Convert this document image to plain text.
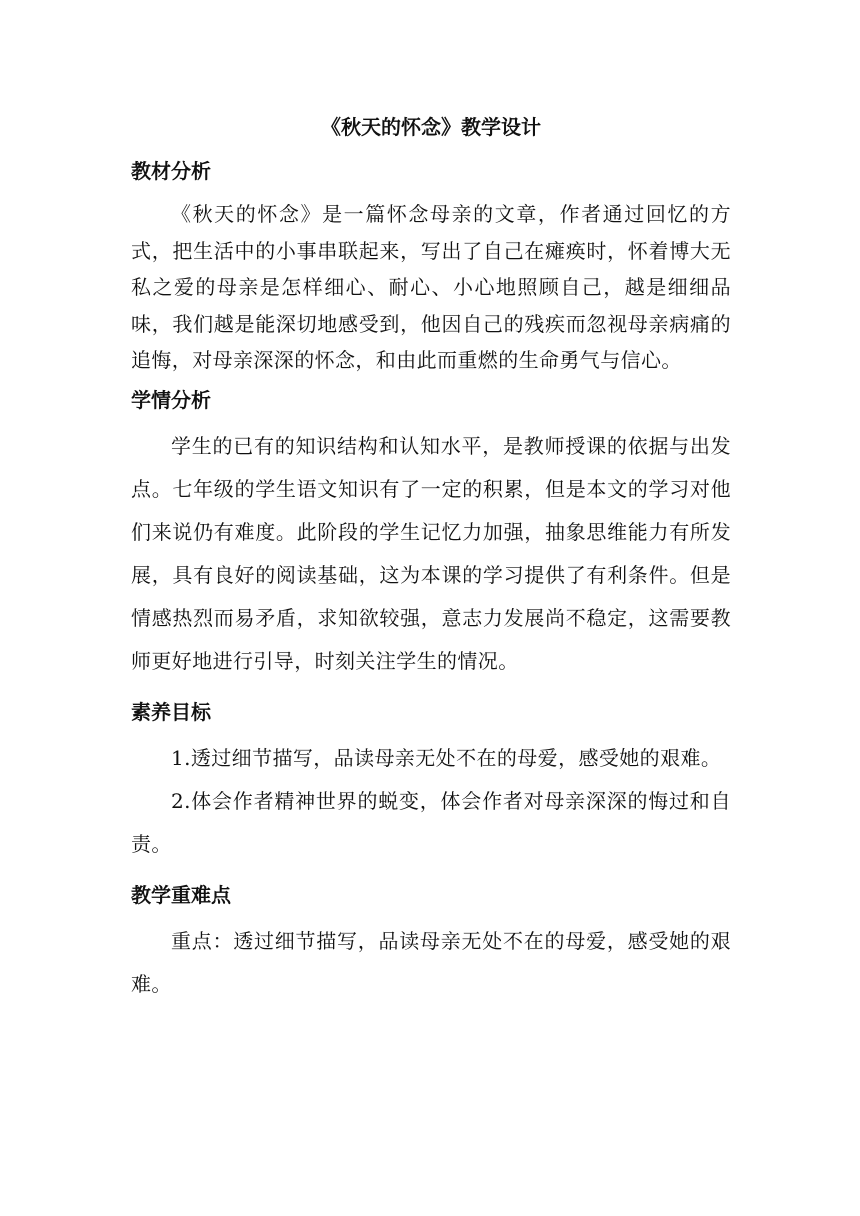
《秋天的怀念》教学设计
教材分析

《秋天的怀念》是一篇怀念母亲的文章，作者通过回忆的方式，把生活中的小事串联起来，写出了自己在瘫痪时，怀着博大无私之爱的母亲是怎样细心、耐心、小心地照顾自己，越是细细品味，我们越是能深切地感受到，他因自己的残疾而忽视母亲病痛的追悔，对母亲深深的怀念，和由此而重燃的生命勇气与信心。

学情分析

学生的已有的知识结构和认知水平，是教师授课的依据与出发点。七年级的学生语文知识有了一定的积累，但是本文的学习对他们来说仍有难度。此阶段的学生记忆力加强，抽象思维能力有所发展，具有良好的阅读基础，这为本课的学习提供了有利条件。但是情感热烈而易矛盾，求知欲较强，意志力发展尚不稳定，这需要教师更好地进行引导，时刻关注学生的情况。

素养目标

1.透过细节描写，品读母亲无处不在的母爱，感受她的艰难。

2.体会作者精神世界的蜕变，体会作者对母亲深深的悔过和自责。

教学重难点

重点：透过细节描写，品读母亲无处不在的母爱，感受她的艰难。
